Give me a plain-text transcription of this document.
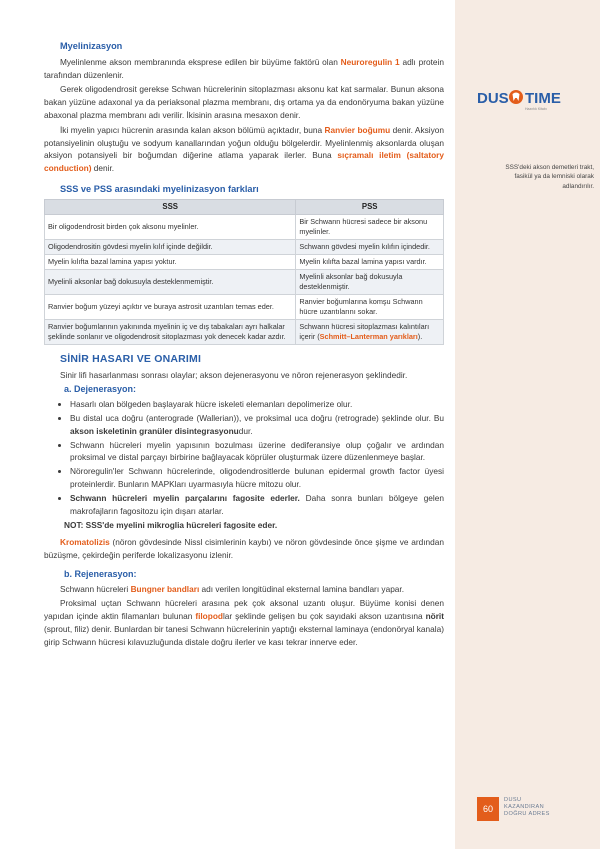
DUS TIME
Hazırlık Kitabı
SSS'deki akson demetleri trakt, fasikül ya da lemniski olarak adlandırılır.
Myelinizasyon

Myelinlenme akson membranında eksprese edilen bir büyüme faktörü olan Neuroregulin 1 adlı protein tarafından düzenlenir.

Gerek oligodendrosit gerekse Schwan hücrelerinin sitoplazması aksonu kat kat sarmalar. Bunun aksona bakan yüzüne adaxonal ya da periaksonal plazma membranı, dış ortama ya da endonöryuma bakan yüzüne abaxonal plazma membranı adı verilir. İkisinin arasına mesaxon denir.

İki myelin yapıcı hücrenin arasında kalan akson bölümü açıktadır, buna Ranvier boğumu denir. Aksiyon potansiyelinin oluştuğu ve sodyum kanallarından yoğun olduğu bölgelerdir. Myelinlenmiş aksonlarda oluşan aksiyon potansiyeli bir boğumdan diğerine atlama yaparak ilerler. Buna sıçramalı iletim (saltatory conduction) denir.

SSS ve PSS arasındaki myelinizasyon farkları
SSS	PSS
Bir oligodendrosit birden çok aksonu myelinler.	Bir Schwann hücresi sadece bir aksonu myelinler.
Oligodendrositin gövdesi myelin kılıf içinde değildir.	Schwann gövdesi myelin kılıfın içindedir.
Myelin kılıfta bazal lamina yapısı yoktur.	Myelin kılıfta bazal lamina yapısı vardır.
Myelinli aksonlar bağ dokusuyla desteklenmemiştir.	Myelinli aksonlar bağ dokusuyla desteklenmiştir.
Ranvier boğum yüzeyi açıktır ve buraya astrosit uzantıları temas eder.	Ranvier boğumlarına komşu Schwann hücre uzantılarını sokar.
Ranvier boğumlarının yakınında myelinin iç ve dış tabakaları ayrı halkalar şeklinde sonlanır ve oligodendrosit sitoplazması yok denecek kadar azdır.	Schwann hücresi sitoplazması kalıntıları içerir (Schmitt–Lanterman yarıkları).
SİNİR HASARI VE ONARIMI

Sinir lifi hasarlanması sonrası olaylar; akson dejenerasyonu ve nöron rejenerasyon şeklindedir.

a. Dejenerasyon:
• Hasarlı olan bölgeden başlayarak hücre iskeleti elemanları depolimerize olur.
• Bu distal uca doğru (anterograde (Wallerian)), ve proksimal uca doğru (retrograde) şeklinde olur. Bu akson iskeletinin granüler disintegrasyonudur.
• Schwann hücreleri myelin yapısının bozulması üzerine dediferansiye olup çoğalır ve ardından proksimal ve distal parçayı birbirine bağlayacak köprüler oluşturmak üzere düzenlenmeye başlar.
• Nöroregulin'ler Schwann hücrelerinde, oligodendrositlerde bulunan epidermal growth factor üyesi proteinlerdir. Bunların MAPKları uyarmasıyla hücre mitozu olur.
• Schwann hücreleri myelin parçalarını fagosite ederler. Daha sonra bunları bölgeye gelen makrofajların fagositozu için dışarı atarlar.

NOT: SSS'de myelini mikroglia hücreleri fagosite eder.

Kromatolizis (nöron gövdesinde Nissl cisimlerinin kaybı) ve nöron gövdesinde önce şişme ve ardından büzüşme, çekirdeğin periferde lokalizasyonu izlenir.

b. Rejenerasyon:

Schwann hücreleri Bungner bandları adı verilen longitüdinal eksternal lamina bandları yapar.

Proksimal uçtan Schwann hücreleri arasına pek çok aksonal uzantı oluşur. Büyüme konisi denen yapıdan içinde aktin filamanları bulunan filopodlar şeklinde gelişen bu çok sayıdaki akson uzantısına nörit (sprout, filiz) denir. Bunlardan bir tanesi Schwann hücrelerinin yaptığı eksternal laminaya (endonöryal kanala) girip Schwann hücresi kılavuzluğunda distale doğru ilerler ve kası tekrar innerve eder.

60
DUSU
KAZANDIRAN
DOĞRU ADRES
